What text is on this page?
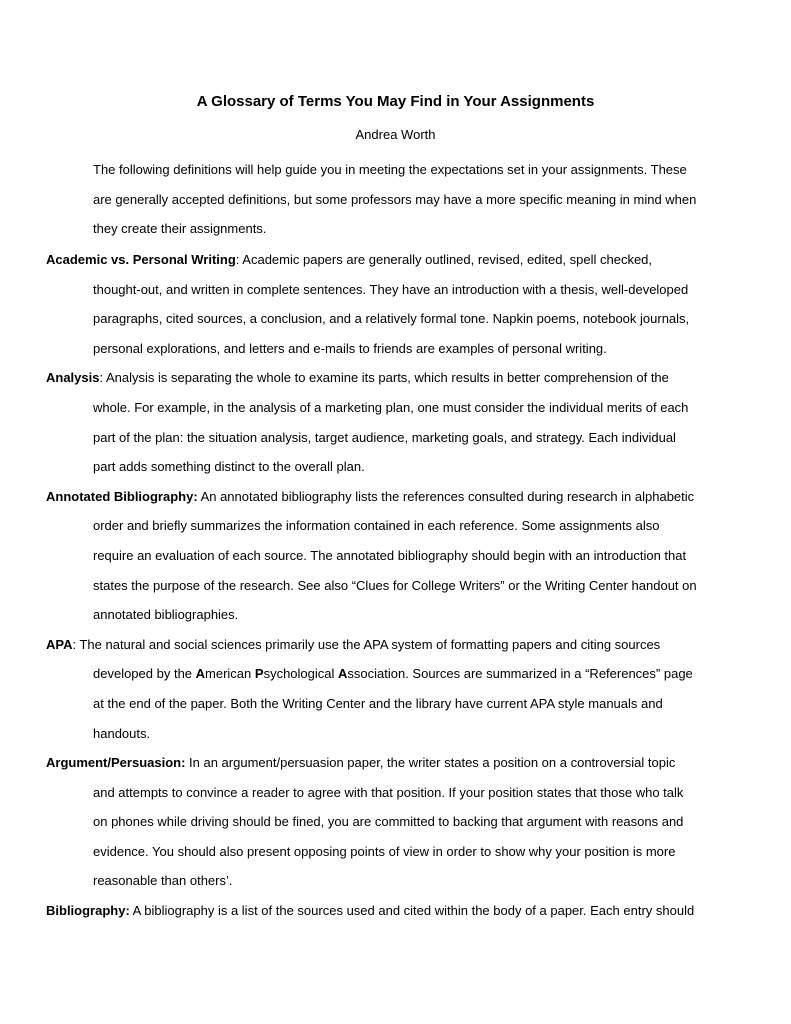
A Glossary of Terms You May Find in Your Assignments
Andrea Worth

The following definitions will help guide you in meeting the expectations set in your assignments. These

are generally accepted definitions, but some professors may have a more specific meaning in mind when

they create their assignments.

Academic vs. Personal Writing: Academic papers are generally outlined, revised, edited, spell checked,
thought-out, and written in complete sentences. They have an introduction with a thesis, well-developed
paragraphs, cited sources, a conclusion, and a relatively formal tone. Napkin poems, notebook journals,
personal explorations, and letters and e-mails to friends are examples of personal writing.
Analysis: Analysis is separating the whole to examine its parts, which results in better comprehension of the
whole. For example, in the analysis of a marketing plan, one must consider the individual merits of each
part of the plan: the situation analysis, target audience, marketing goals, and strategy. Each individual
part adds something distinct to the overall plan.
Annotated Bibliography: An annotated bibliography lists the references consulted during research in alphabetic
order and briefly summarizes the information contained in each reference. Some assignments also
require an evaluation of each source. The annotated bibliography should begin with an introduction that
states the purpose of the research. See also “Clues for College Writers” or the Writing Center handout on
annotated bibliographies.
APA: The natural and social sciences primarily use the APA system of formatting papers and citing sources
developed by the American Psychological Association. Sources are summarized in a “References” page
at the end of the paper. Both the Writing Center and the library have current APA style manuals and
handouts.
Argument/Persuasion: In an argument/persuasion paper, the writer states a position on a controversial topic
and attempts to convince a reader to agree with that position. If your position states that those who talk
on phones while driving should be fined, you are committed to backing that argument with reasons and
evidence. You should also present opposing points of view in order to show why your position is more
reasonable than others’.
Bibliography: A bibliography is a list of the sources used and cited within the body of a paper. Each entry should
